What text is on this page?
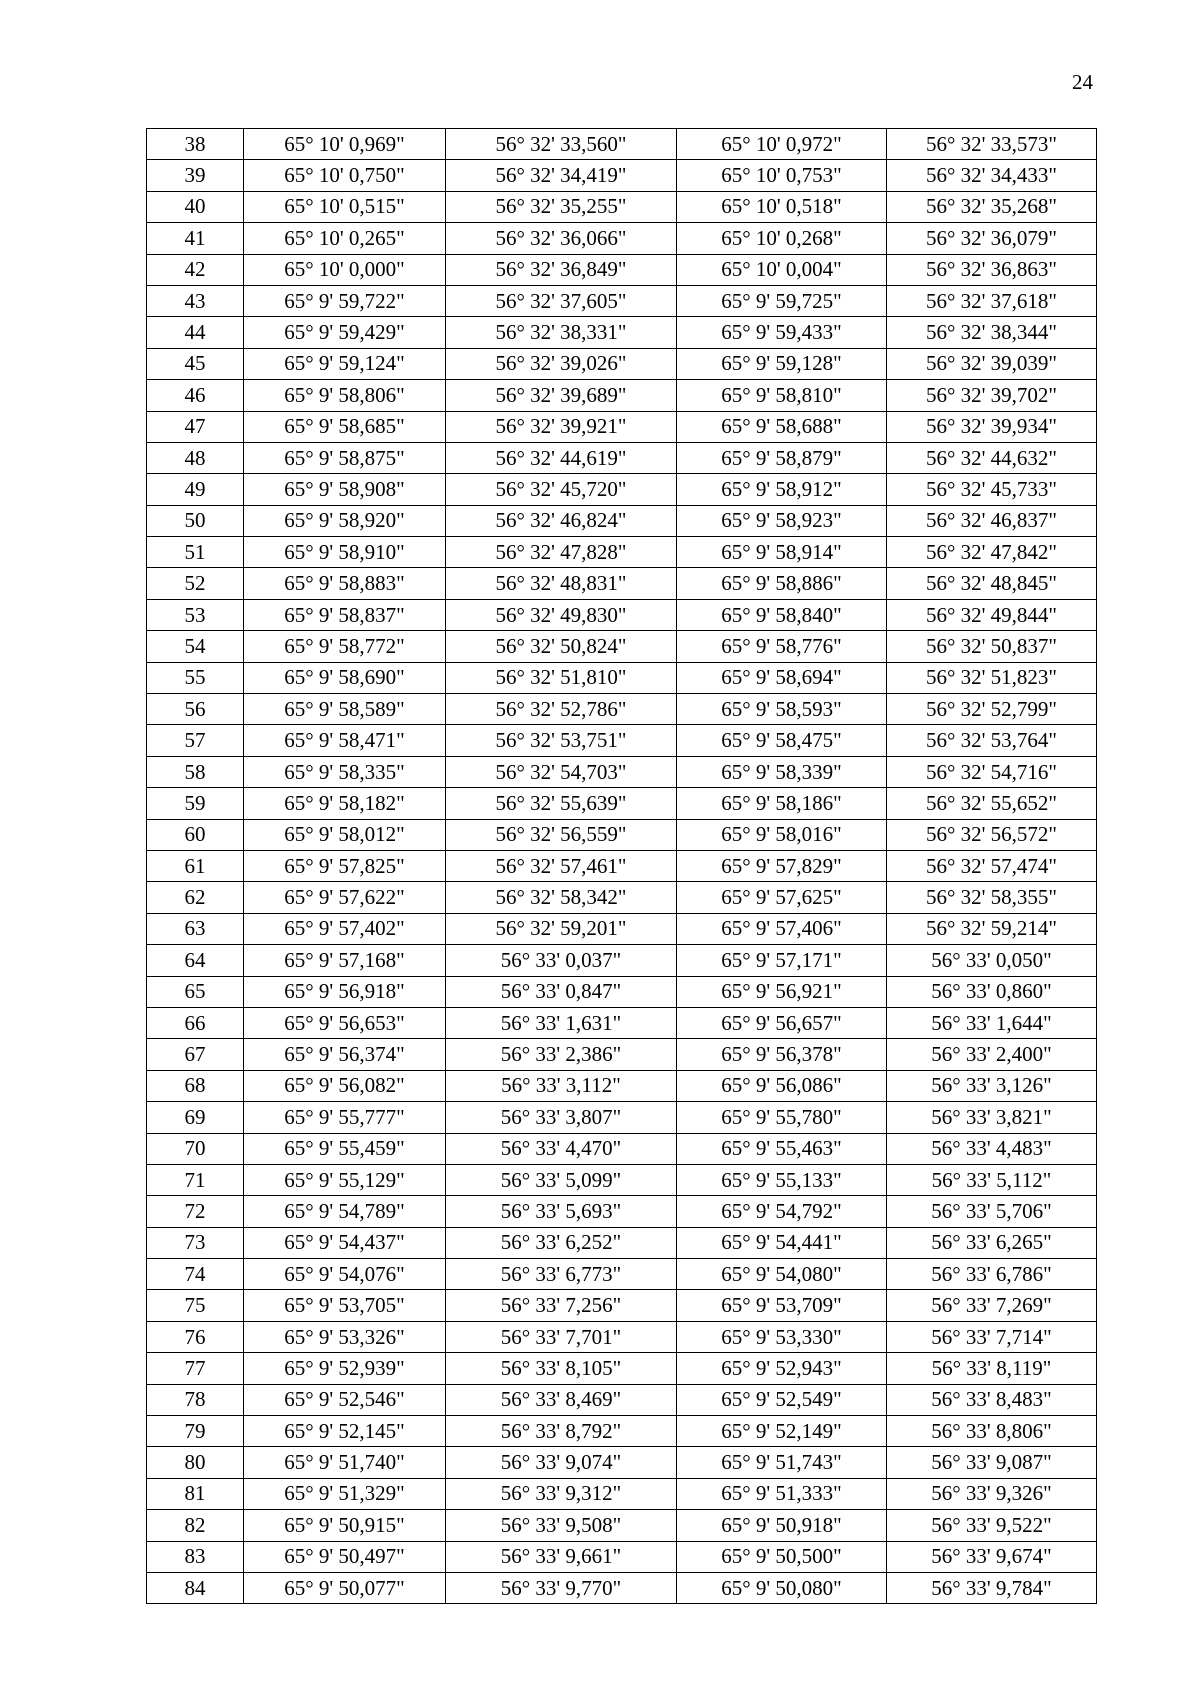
24
38	65° 10' 0,969"	56° 32' 33,560"	65° 10' 0,972"	56° 32' 33,573"
39	65° 10' 0,750"	56° 32' 34,419"	65° 10' 0,753"	56° 32' 34,433"
40	65° 10' 0,515"	56° 32' 35,255"	65° 10' 0,518"	56° 32' 35,268"
41	65° 10' 0,265"	56° 32' 36,066"	65° 10' 0,268"	56° 32' 36,079"
42	65° 10' 0,000"	56° 32' 36,849"	65° 10' 0,004"	56° 32' 36,863"
43	65° 9' 59,722"	56° 32' 37,605"	65° 9' 59,725"	56° 32' 37,618"
44	65° 9' 59,429"	56° 32' 38,331"	65° 9' 59,433"	56° 32' 38,344"
45	65° 9' 59,124"	56° 32' 39,026"	65° 9' 59,128"	56° 32' 39,039"
46	65° 9' 58,806"	56° 32' 39,689"	65° 9' 58,810"	56° 32' 39,702"
47	65° 9' 58,685"	56° 32' 39,921"	65° 9' 58,688"	56° 32' 39,934"
48	65° 9' 58,875"	56° 32' 44,619"	65° 9' 58,879"	56° 32' 44,632"
49	65° 9' 58,908"	56° 32' 45,720"	65° 9' 58,912"	56° 32' 45,733"
50	65° 9' 58,920"	56° 32' 46,824"	65° 9' 58,923"	56° 32' 46,837"
51	65° 9' 58,910"	56° 32' 47,828"	65° 9' 58,914"	56° 32' 47,842"
52	65° 9' 58,883"	56° 32' 48,831"	65° 9' 58,886"	56° 32' 48,845"
53	65° 9' 58,837"	56° 32' 49,830"	65° 9' 58,840"	56° 32' 49,844"
54	65° 9' 58,772"	56° 32' 50,824"	65° 9' 58,776"	56° 32' 50,837"
55	65° 9' 58,690"	56° 32' 51,810"	65° 9' 58,694"	56° 32' 51,823"
56	65° 9' 58,589"	56° 32' 52,786"	65° 9' 58,593"	56° 32' 52,799"
57	65° 9' 58,471"	56° 32' 53,751"	65° 9' 58,475"	56° 32' 53,764"
58	65° 9' 58,335"	56° 32' 54,703"	65° 9' 58,339"	56° 32' 54,716"
59	65° 9' 58,182"	56° 32' 55,639"	65° 9' 58,186"	56° 32' 55,652"
60	65° 9' 58,012"	56° 32' 56,559"	65° 9' 58,016"	56° 32' 56,572"
61	65° 9' 57,825"	56° 32' 57,461"	65° 9' 57,829"	56° 32' 57,474"
62	65° 9' 57,622"	56° 32' 58,342"	65° 9' 57,625"	56° 32' 58,355"
63	65° 9' 57,402"	56° 32' 59,201"	65° 9' 57,406"	56° 32' 59,214"
64	65° 9' 57,168"	56° 33' 0,037"	65° 9' 57,171"	56° 33' 0,050"
65	65° 9' 56,918"	56° 33' 0,847"	65° 9' 56,921"	56° 33' 0,860"
66	65° 9' 56,653"	56° 33' 1,631"	65° 9' 56,657"	56° 33' 1,644"
67	65° 9' 56,374"	56° 33' 2,386"	65° 9' 56,378"	56° 33' 2,400"
68	65° 9' 56,082"	56° 33' 3,112"	65° 9' 56,086"	56° 33' 3,126"
69	65° 9' 55,777"	56° 33' 3,807"	65° 9' 55,780"	56° 33' 3,821"
70	65° 9' 55,459"	56° 33' 4,470"	65° 9' 55,463"	56° 33' 4,483"
71	65° 9' 55,129"	56° 33' 5,099"	65° 9' 55,133"	56° 33' 5,112"
72	65° 9' 54,789"	56° 33' 5,693"	65° 9' 54,792"	56° 33' 5,706"
73	65° 9' 54,437"	56° 33' 6,252"	65° 9' 54,441"	56° 33' 6,265"
74	65° 9' 54,076"	56° 33' 6,773"	65° 9' 54,080"	56° 33' 6,786"
75	65° 9' 53,705"	56° 33' 7,256"	65° 9' 53,709"	56° 33' 7,269"
76	65° 9' 53,326"	56° 33' 7,701"	65° 9' 53,330"	56° 33' 7,714"
77	65° 9' 52,939"	56° 33' 8,105"	65° 9' 52,943"	56° 33' 8,119"
78	65° 9' 52,546"	56° 33' 8,469"	65° 9' 52,549"	56° 33' 8,483"
79	65° 9' 52,145"	56° 33' 8,792"	65° 9' 52,149"	56° 33' 8,806"
80	65° 9' 51,740"	56° 33' 9,074"	65° 9' 51,743"	56° 33' 9,087"
81	65° 9' 51,329"	56° 33' 9,312"	65° 9' 51,333"	56° 33' 9,326"
82	65° 9' 50,915"	56° 33' 9,508"	65° 9' 50,918"	56° 33' 9,522"
83	65° 9' 50,497"	56° 33' 9,661"	65° 9' 50,500"	56° 33' 9,674"
84	65° 9' 50,077"	56° 33' 9,770"	65° 9' 50,080"	56° 33' 9,784"
